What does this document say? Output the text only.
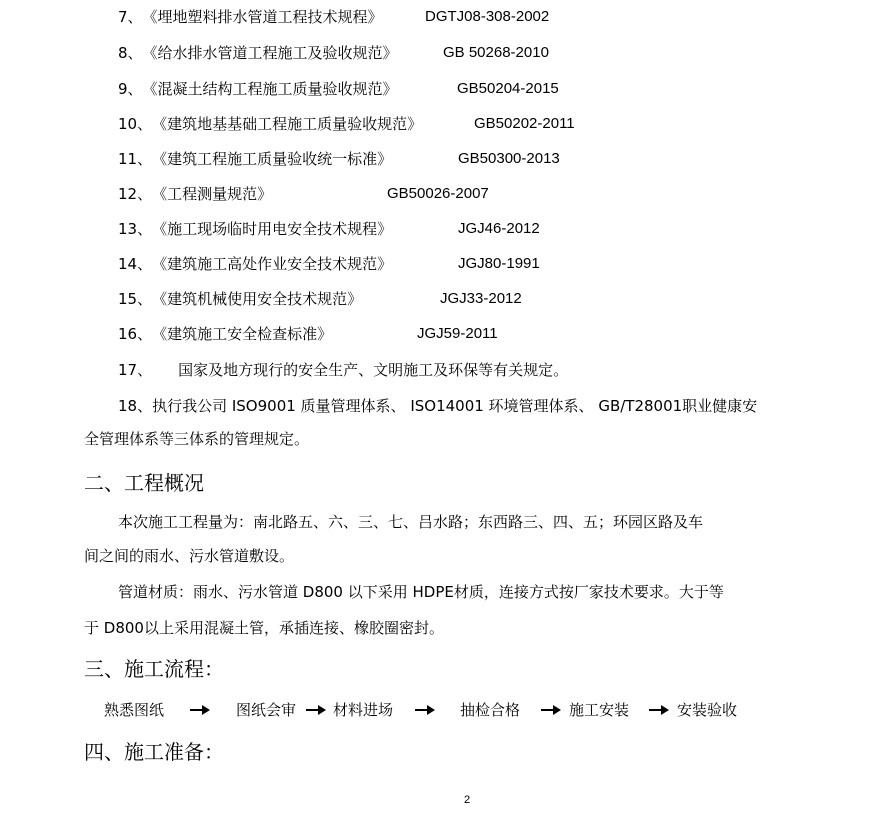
7、《埋地塑料排水管道工程技术规程》	DGTJ08-308-2002
8、《给水排水管道工程施工及验收规范》	GB 50268-2010
9、《混凝土结构工程施工质量验收规范》	GB50204-2015
10、《建筑地基基础工程施工质量验收规范》	GB50202-2011
11、《建筑工程施工质量验收统一标准》	GB50300-2013
12、《工程测量规范》	GB50026-2007
13、《施工现场临时用电安全技术规程》	JGJ46-2012
14、《建筑施工高处作业安全技术规范》	JGJ80-1991
15、《建筑机械使用安全技术规范》	JGJ33-2012
16、《建筑施工安全检查标准》	JGJ59-2011
17、 国家及地方现行的安全生产、文明施工及环保等有关规定。
18、执行我公司 ISO9001 质量管理体系、 ISO14001 环境管理体系、 GB/T28001职业健康安
全管理体系等三体系的管理规定。
二、工程概况
本次施工工程量为：南北路五、六、三、七、吕水路；东西路三、四、五；环园区路及车
间之间的雨水、污水管道敷设。
管道材质：雨水、污水管道 D800 以下采用 HDPE材质，连接方式按厂家技术要求。大于等
于 D800以上采用混凝土管，承插连接、橡胶圈密封。
三、施工流程：
熟悉图纸	图纸会审 材料进场	抽检合格	施工安装	安装验收
四、施工准备：
2
